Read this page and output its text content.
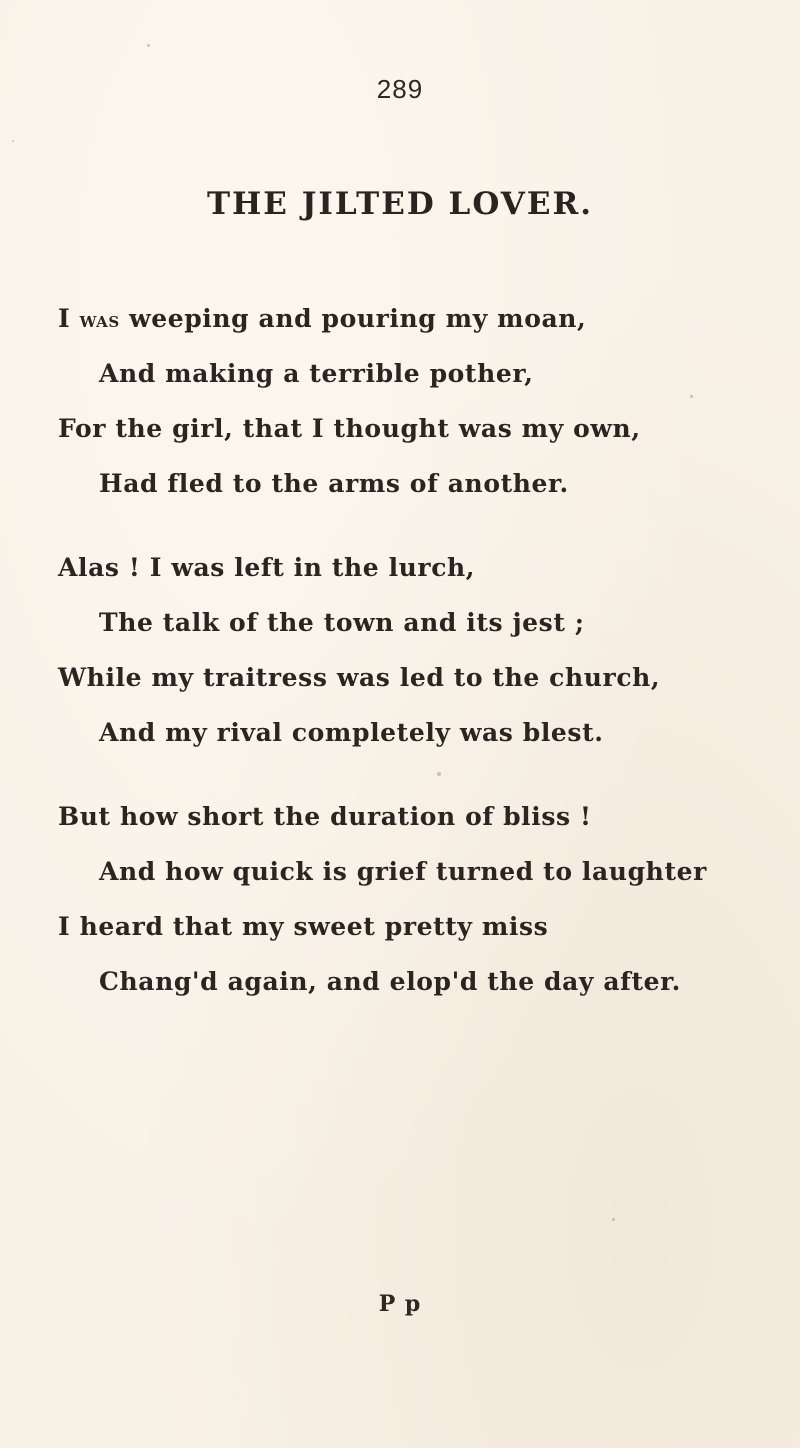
289
THE JILTED LOVER.
I was weeping and pouring my moan,
And making a terrible pother,
For the girl, that I thought was my own,
Had fled to the arms of another.
Alas ! I was left in the lurch,
The talk of the town and its jest ;
While my traitress was led to the church,
And my rival completely was blest.
But how short the duration of bliss !
And how quick is grief turned to laughter
I heard that my sweet pretty miss
Chang'd again, and elop'd the day after.
P p
